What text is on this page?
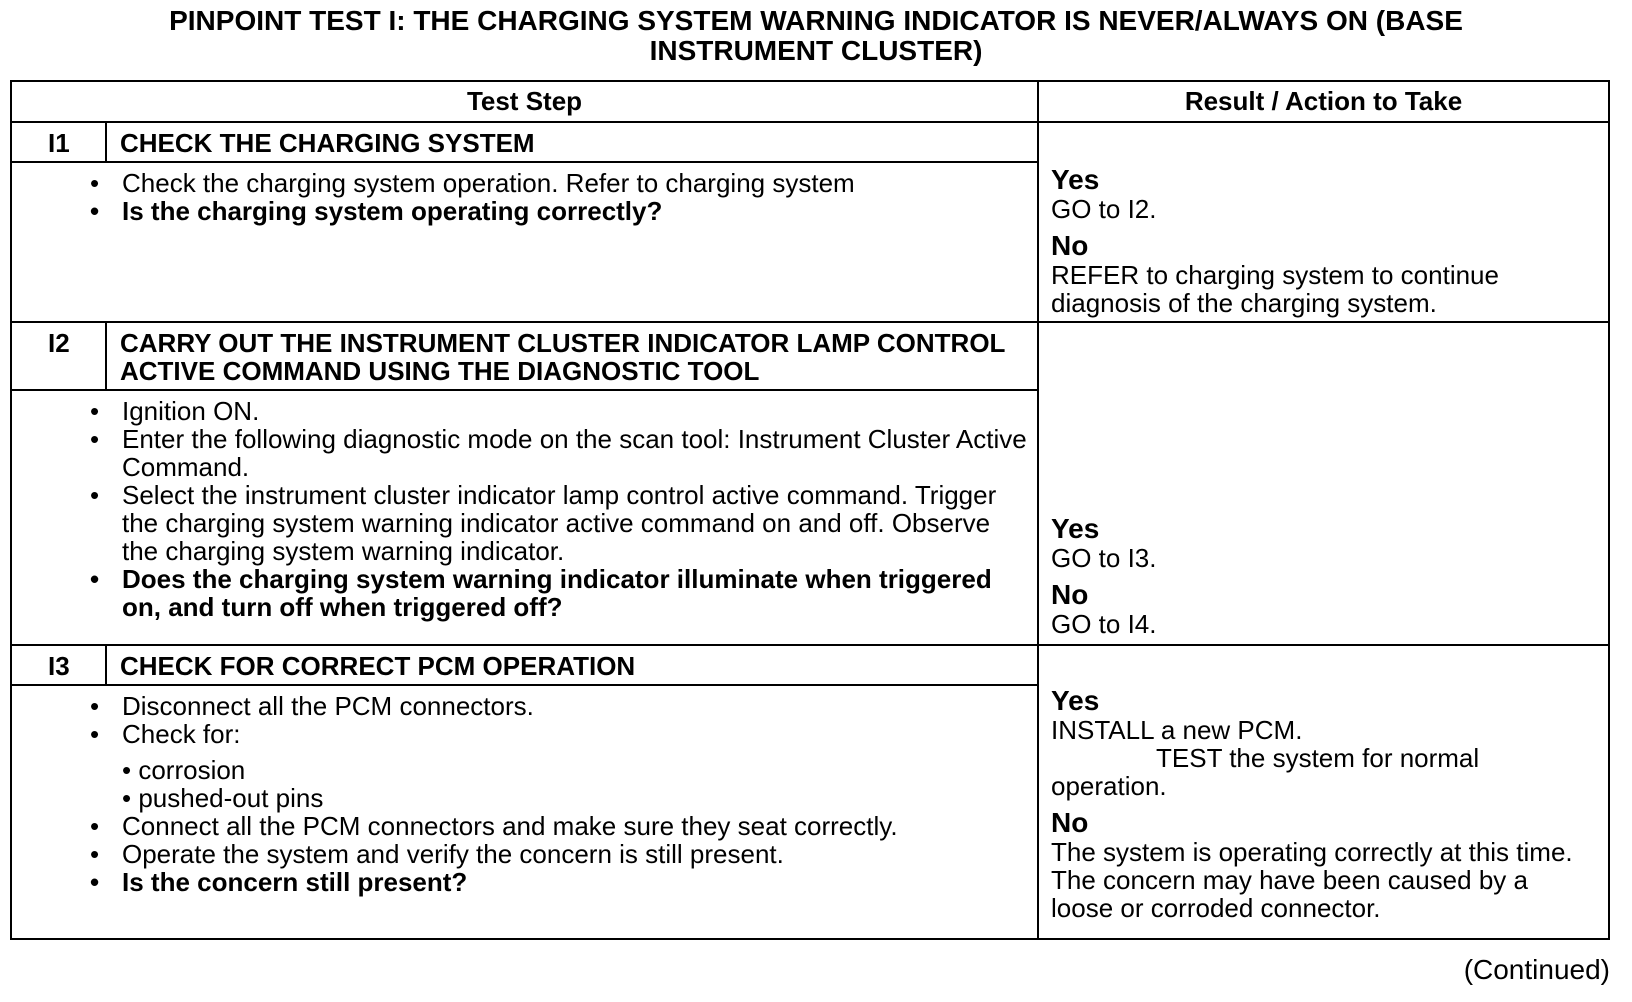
PINPOINT TEST I: THE CHARGING SYSTEM WARNING INDICATOR IS NEVER/ALWAYS ON (BASE
INSTRUMENT CLUSTER)
Test Step	Result / Action to Take
I1	CHECK THE CHARGING SYSTEM
• Check the charging system operation. Refer to charging system
• Is the charging system operating correctly?
Yes
GO to I2.
No
REFER to charging system to continue diagnosis of the charging system.
I2	CARRY OUT THE INSTRUMENT CLUSTER INDICATOR LAMP CONTROL ACTIVE COMMAND USING THE DIAGNOSTIC TOOL
• Ignition ON.
• Enter the following diagnostic mode on the scan tool: Instrument Cluster Active Command.
• Select the instrument cluster indicator lamp control active command. Trigger the charging system warning indicator active command on and off. Observe the charging system warning indicator.
• Does the charging system warning indicator illuminate when triggered on, and turn off when triggered off?
Yes
GO to I3.
No
GO to I4.
I3	CHECK FOR CORRECT PCM OPERATION
• Disconnect all the PCM connectors.
• Check for:
• corrosion
• pushed-out pins
• Connect all the PCM connectors and make sure they seat correctly.
• Operate the system and verify the concern is still present.
• Is the concern still present?
Yes
INSTALL a new PCM.
TEST the system for normal operation.
No
The system is operating correctly at this time. The concern may have been caused by a loose or corroded connector.
(Continued)
